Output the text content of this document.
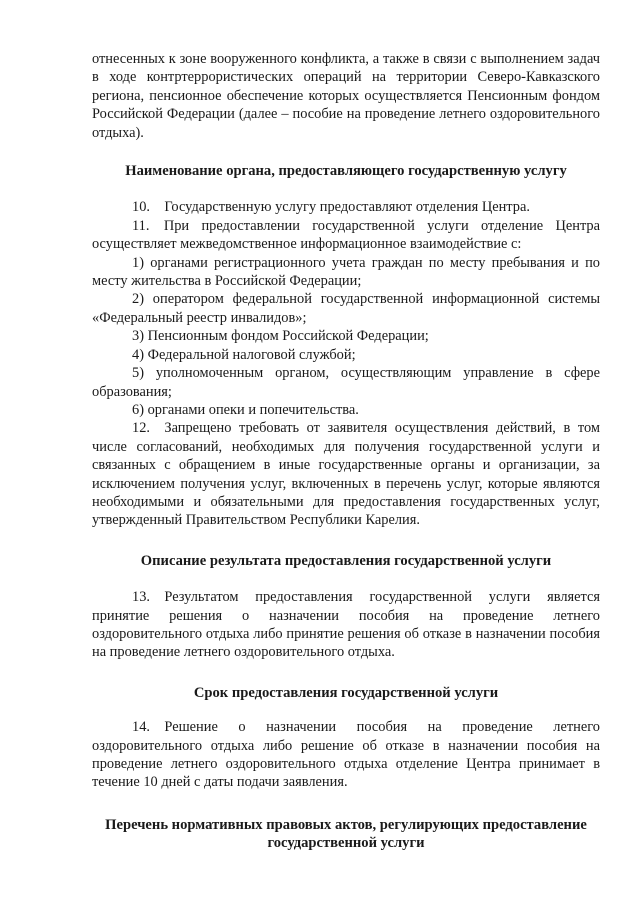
отнесенных к зоне вооруженного конфликта, а также в связи с выполнением задач в ходе контртеррористических операций на территории Северо-Кавказского региона, пенсионное обеспечение которых осуществляется Пенсионным фондом Российской Федерации (далее – пособие на проведение летнего оздоровительного отдыха).

Наименование органа, предоставляющего государственную услугу

10. Государственную услугу предоставляют отделения Центра.

11. При предоставлении государственной услуги отделение Центра осуществляет межведомственное информационное взаимодействие с:

1) органами регистрационного учета граждан по месту пребывания и по месту жительства в Российской Федерации;

2) оператором федеральной государственной информационной системы «Федеральный реестр инвалидов»;

3) Пенсионным фондом Российской Федерации;

4) Федеральной налоговой службой;

5) уполномоченным органом, осуществляющим управление в сфере образования;

6) органами опеки и попечительства.

12. Запрещено требовать от заявителя осуществления действий, в том числе согласований, необходимых для получения государственной услуги и связанных с обращением в иные государственные органы и организации, за исключением получения услуг, включенных в перечень услуг, которые являются необходимыми и обязательными для предоставления государственных услуг, утвержденный Правительством Республики Карелия.

Описание результата предоставления государственной услуги

13. Результатом предоставления государственной услуги является принятие решения о назначении пособия на проведение летнего оздоровительного отдыха либо принятие решения об отказе в назначении пособия на проведение летнего оздоровительного отдыха.

Срок предоставления государственной услуги

14. Решение о назначении пособия на проведение летнего оздоровительного отдыха либо решение об отказе в назначении пособия на проведение летнего оздоровительного отдыха отделение Центра принимает в течение 10 дней с даты подачи заявления.

Перечень нормативных правовых актов, регулирующих предоставление государственной услуги
